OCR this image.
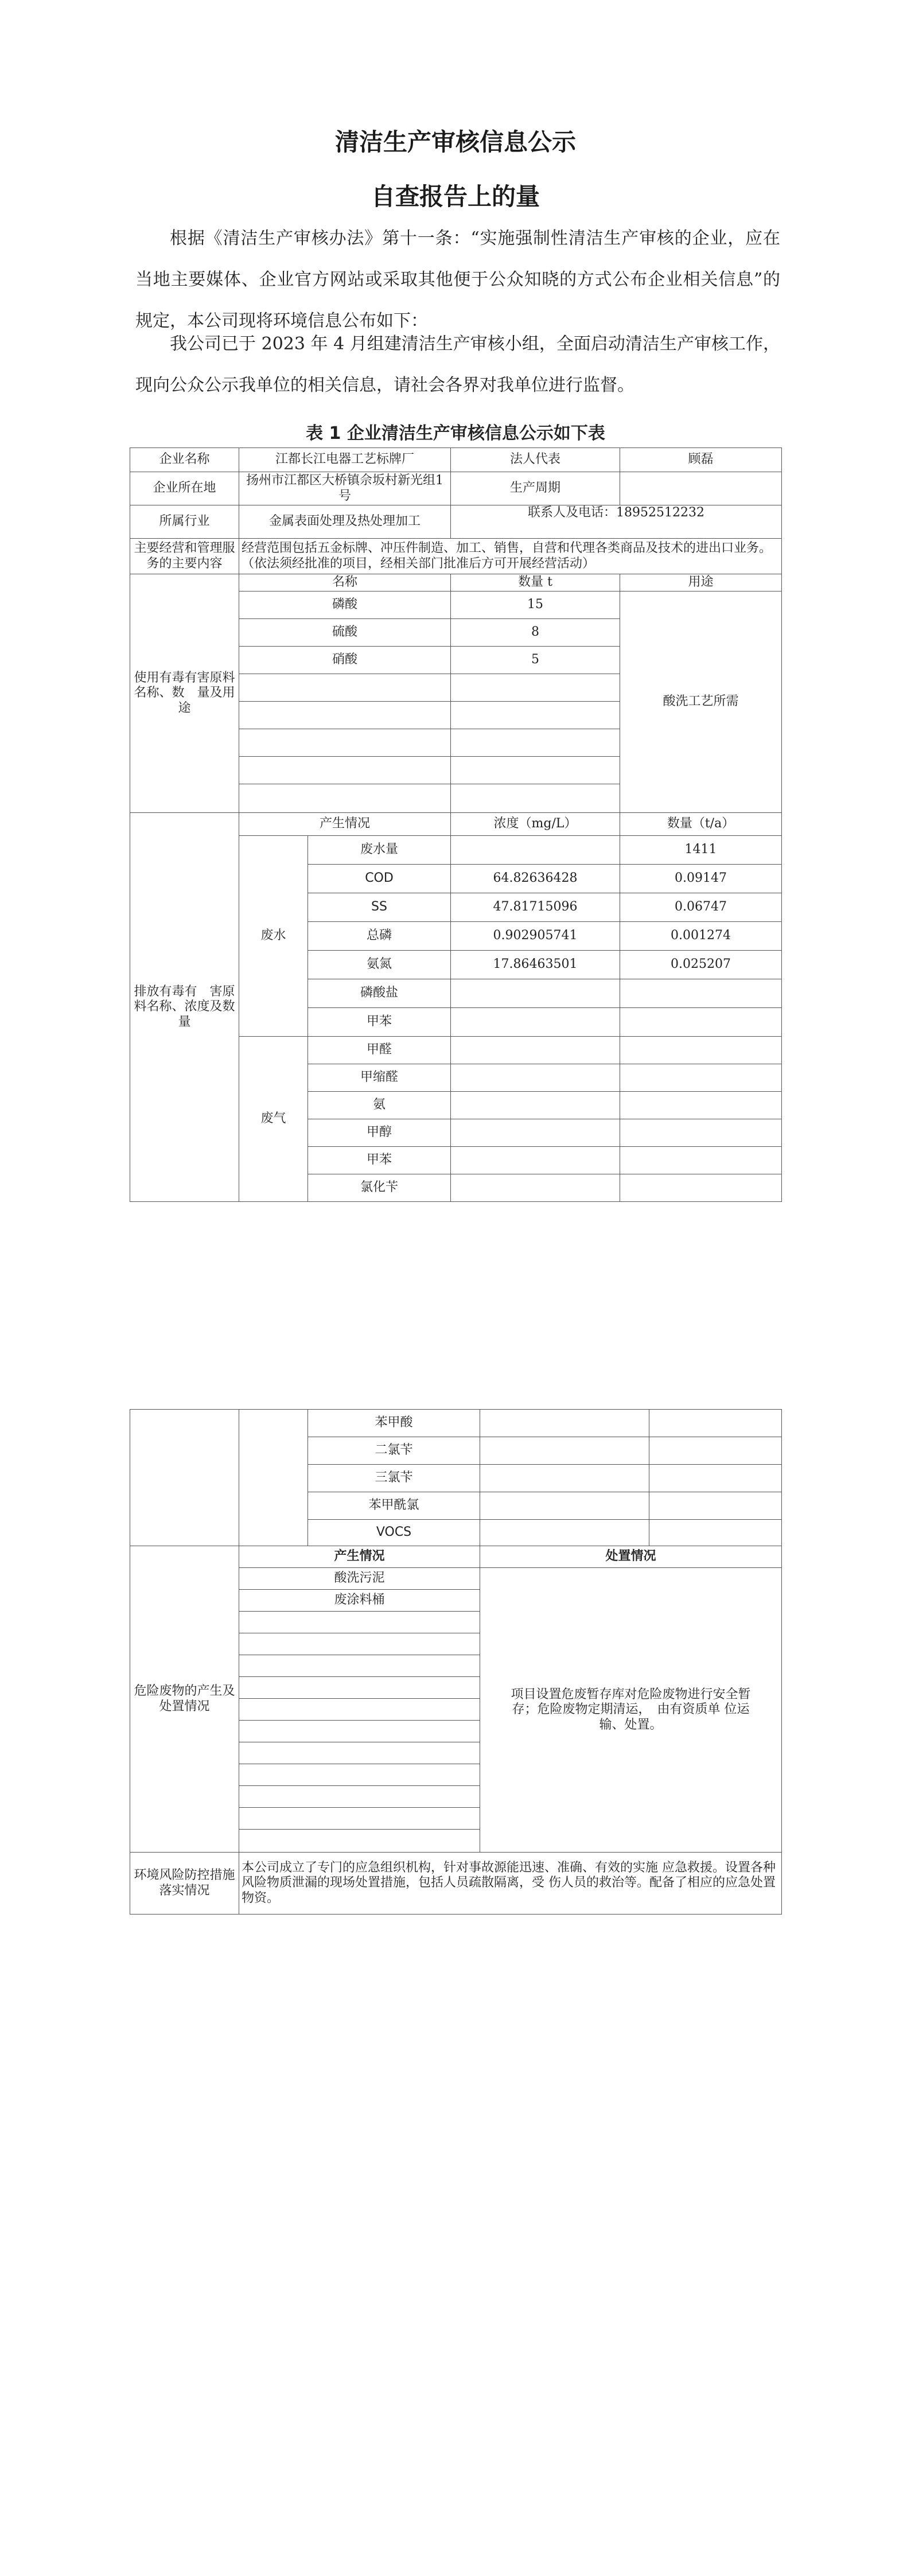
清洁生产审核信息公示
自查报告上的量

根据《清洁生产审核办法》第十一条：“实施强制性清洁生产审核的企业，应在当地主要媒体、企业官方网站或采取其他便于公众知晓的方式公布企业相关信息”的规定，本公司现将环境信息公布如下：

我公司已于 2023 年 4 月组建清洁生产审核小组，全面启动清洁生产审核工作，现向公众公示我单位的相关信息，请社会各界对我单位进行监督。

表 1 企业清洁生产审核信息公示如下表
企业名称	江都长江电器工艺标牌厂		法人代表	顾磊
企业所在地	扬州市江都区大桥镇佘坂村新光组1号		生产周期	
所属行业	金属表面处理及热处理加工		联系人及电话：18952512232	
主要经营和管理服务的主要内容	经营范围包括五金标牌、冲压件制造、加工、销售，自营和代理各类商品及技术的进出口业务。（依法须经批准的项目，经相关部门批准后方可开展经营活动）			
使用有毒有害原料名称、数　量及用途	名称		数量 t	用途
	磷酸		15	酸洗工艺所需
	硫酸		8	
	硝酸		5	

排放有毒有　害原料名称、浓度及数量	产生情况		浓度（mg/L）	数量（t/a）
	废水	废水量		1411
		COD	64.82636428	0.09147
		SS	47.81715096	0.06747
		总磷	0.902905741	0.001274
		氨氮	17.86463501	0.025207
		磷酸盐		
		甲苯		
	废气	甲醛		
		甲缩醛		
		氨		
		甲醇		
		甲苯		
		氯化苄		
		苯甲酸		
		二氯苄		
		三氯苄		
		苯甲酰氯		
		VOCS		
危险废物的产生及处置情况	产生情况		处置情况	
	酸洗污泥		项目设置危废暂存库对危险废物进行安全暂存；危险废物定期清运，　由有资质单 位运输、处置。	
	废涂料桶			

环境风险防控措施落实情况	本公司成立了专门的应急组织机构，针对事故源能迅速、准确、有效的实施 应急救援。设置各种风险物质泄漏的现场处置措施，包括人员疏散隔离，受 伤人员的救治等。配备了相应的应急处置物资。			
